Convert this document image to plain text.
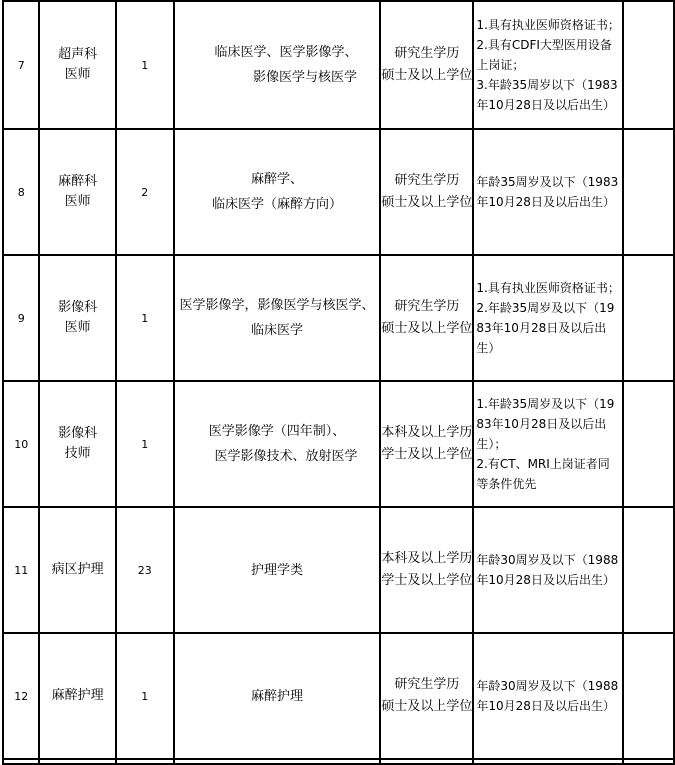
7	超声科
医师	1	临床医学、医学影像学、
影像医学与核医学	研究生学历
硕士及以上学位	1.具有执业医师资格证书；
2.具有CDFI大型医用设备上岗证；
3.年龄35周岁以下（1983年10月28日及以后出生）	

8	麻醉科
医师	2	麻醉学、
临床医学（麻醉方向）	研究生学历
硕士及以上学位	年龄35周岁及以下（1983年10月28日及以后出生）	

9	影像科
医师	1	医学影像学，影像医学与核医学、
临床医学	研究生学历
硕士及以上学位	1.具有执业医师资格证书；
2.年龄35周岁及以下（1983年10月28日及以后出生）	

10	影像科
技师	1	医学影像学（四年制）、
医学影像技术、放射医学	本科及以上学历
学士及以上学位	1.年龄35周岁及以下（1983年10月28日及以后出生）；
2.有CT、MRI上岗证者同等条件优先	

11	病区护理	23	护理学类	本科及以上学历
学士及以上学位	年龄30周岁及以下（1988年10月28日及以后出生）	

12	麻醉护理	1	麻醉护理	研究生学历
硕士及以上学位	年龄30周岁及以下（1988年10月28日及以后出生）	
